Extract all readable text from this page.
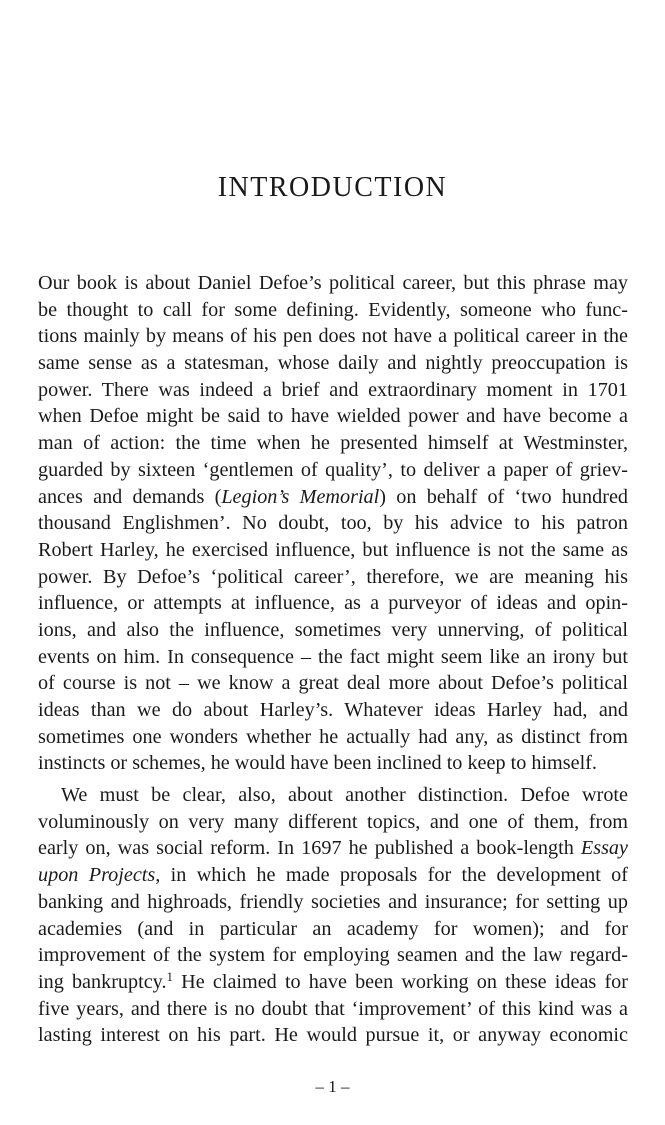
INTRODUCTION
Our book is about Daniel Defoe’s political career, but this phrase may
be thought to call for some defining. Evidently, someone who func-
tions mainly by means of his pen does not have a political career in the
same sense as a statesman, whose daily and nightly preoccupation is
power. There was indeed a brief and extraordinary moment in 1701
when Defoe might be said to have wielded power and have become a
man of action: the time when he presented himself at Westminster,
guarded by sixteen ‘gentlemen of quality’, to deliver a paper of griev-
ances and demands (Legion’s Memorial) on behalf of ‘two hundred
thousand Englishmen’. No doubt, too, by his advice to his patron
Robert Harley, he exercised influence, but influence is not the same as
power. By Defoe’s ‘political career’, therefore, we are meaning his
influence, or attempts at influence, as a purveyor of ideas and opin-
ions, and also the influence, sometimes very unnerving, of political
events on him. In consequence – the fact might seem like an irony but
of course is not – we know a great deal more about Defoe’s political
ideas than we do about Harley’s. Whatever ideas Harley had, and
sometimes one wonders whether he actually had any, as distinct from
instincts or schemes, he would have been inclined to keep to himself.
We must be clear, also, about another distinction. Defoe wrote
voluminously on very many different topics, and one of them, from
early on, was social reform. In 1697 he published a book-length Essay
upon Projects, in which he made proposals for the development of
banking and highroads, friendly societies and insurance; for setting up
academies (and in particular an academy for women); and for
improvement of the system for employing seamen and the law regard-
ing bankruptcy.$^1$ He claimed to have been working on these ideas for
five years, and there is no doubt that ‘improvement’ of this kind was a
lasting interest on his part. He would pursue it, or anyway economic
– 1 –
